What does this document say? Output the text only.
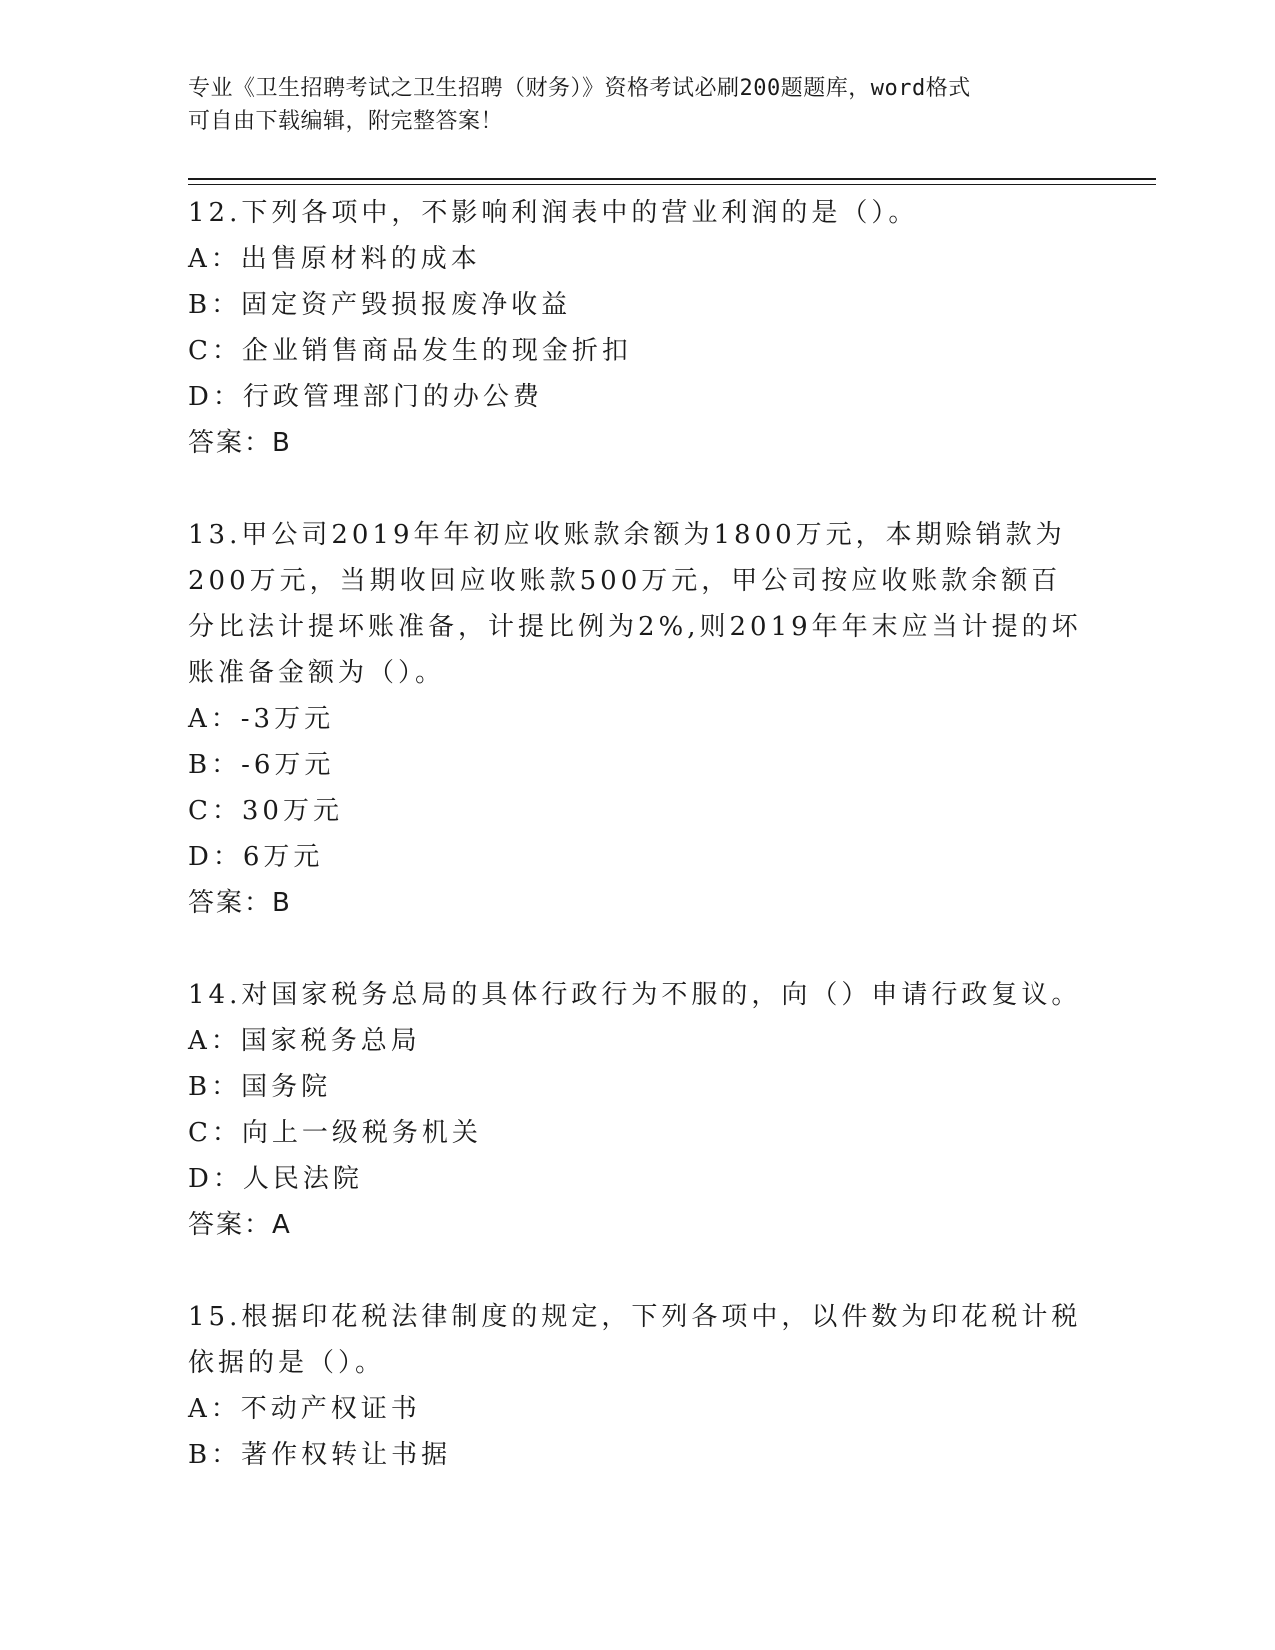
专业《卫生招聘考试之卫生招聘（财务）》资格考试必刷200题题库，word格式
可自由下载编辑，附完整答案！
12.下列各项中，不影响利润表中的营业利润的是（）。
A：出售原材料的成本
B：固定资产毁损报废净收益
C：企业销售商品发生的现金折扣
D：行政管理部门的办公费
答案：B
13.甲公司2019年年初应收账款余额为1800万元，本期赊销款为200万元，当期收回应收账款500万元，甲公司按应收账款余额百分比法计提坏账准备，计提比例为2%,则2019年年末应当计提的坏账准备金额为（）。
A：-3万元
B：-6万元
C：30万元
D：6万元
答案：B
14.对国家税务总局的具体行政行为不服的，向（）申请行政复议。
A：国家税务总局
B：国务院
C：向上一级税务机关
D：人民法院
答案：A
15.根据印花税法律制度的规定，下列各项中，以件数为印花税计税依据的是（）。
A：不动产权证书
B：著作权转让书据
